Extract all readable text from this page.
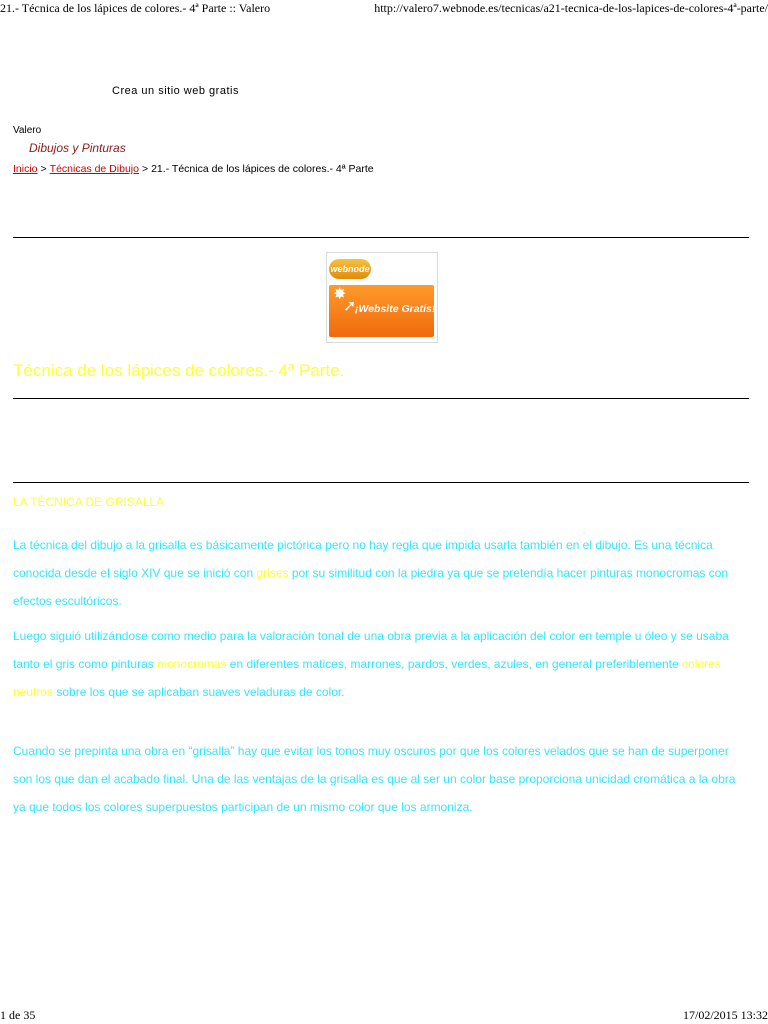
21.- Técnica de los lápices de colores.- 4ª Parte :: Valero	http://valero7.webnode.es/tecnicas/a21-tecnica-de-los-lapices-de-colores-4ª-parte/
Crea un sitio web gratis
Valero
Dibujos y Pinturas
Inicio > Técnicas de Dibujo > 21.- Técnica de los lápices de colores.- 4ª Parte
webnode
✸
➚
¡Website Gratis!
Técnica de los lápices de colores.- 4ª Parte.
LA TÉCNICA DE GRISALLA

La técnica del dibujo a la grisalla es básicamente pictórica pero no hay regla que impida usarla también en el dibujo. Es una técnica conocida desde el siglo XIV que se inició con grises por su similitud con la piedra ya que se pretendía hacer pinturas monocromas con efectos escultóricos.

Luego siguió utilizándose como medio para la valoración tonal de una obra previa a la aplicación del color en temple u óleo y se usaba tanto el gris como pinturas monocromas en diferentes matices, marrones, pardos, verdes, azules, en general preferiblemente colores neutros sobre los que se aplicaban suaves veladuras de color.

Cuando se prepinta una obra en “grisalla” hay que evitar los tonos muy oscuros por que los colores velados que se han de superponer son los que dan el acabado final. Una de las ventajas de la grisalla es que al ser un color base proporciona unicidad cromática a la obra ya que todos los colores superpuestos participan de un mismo color que los armoniza.

1 de 35	17/02/2015 13:32
